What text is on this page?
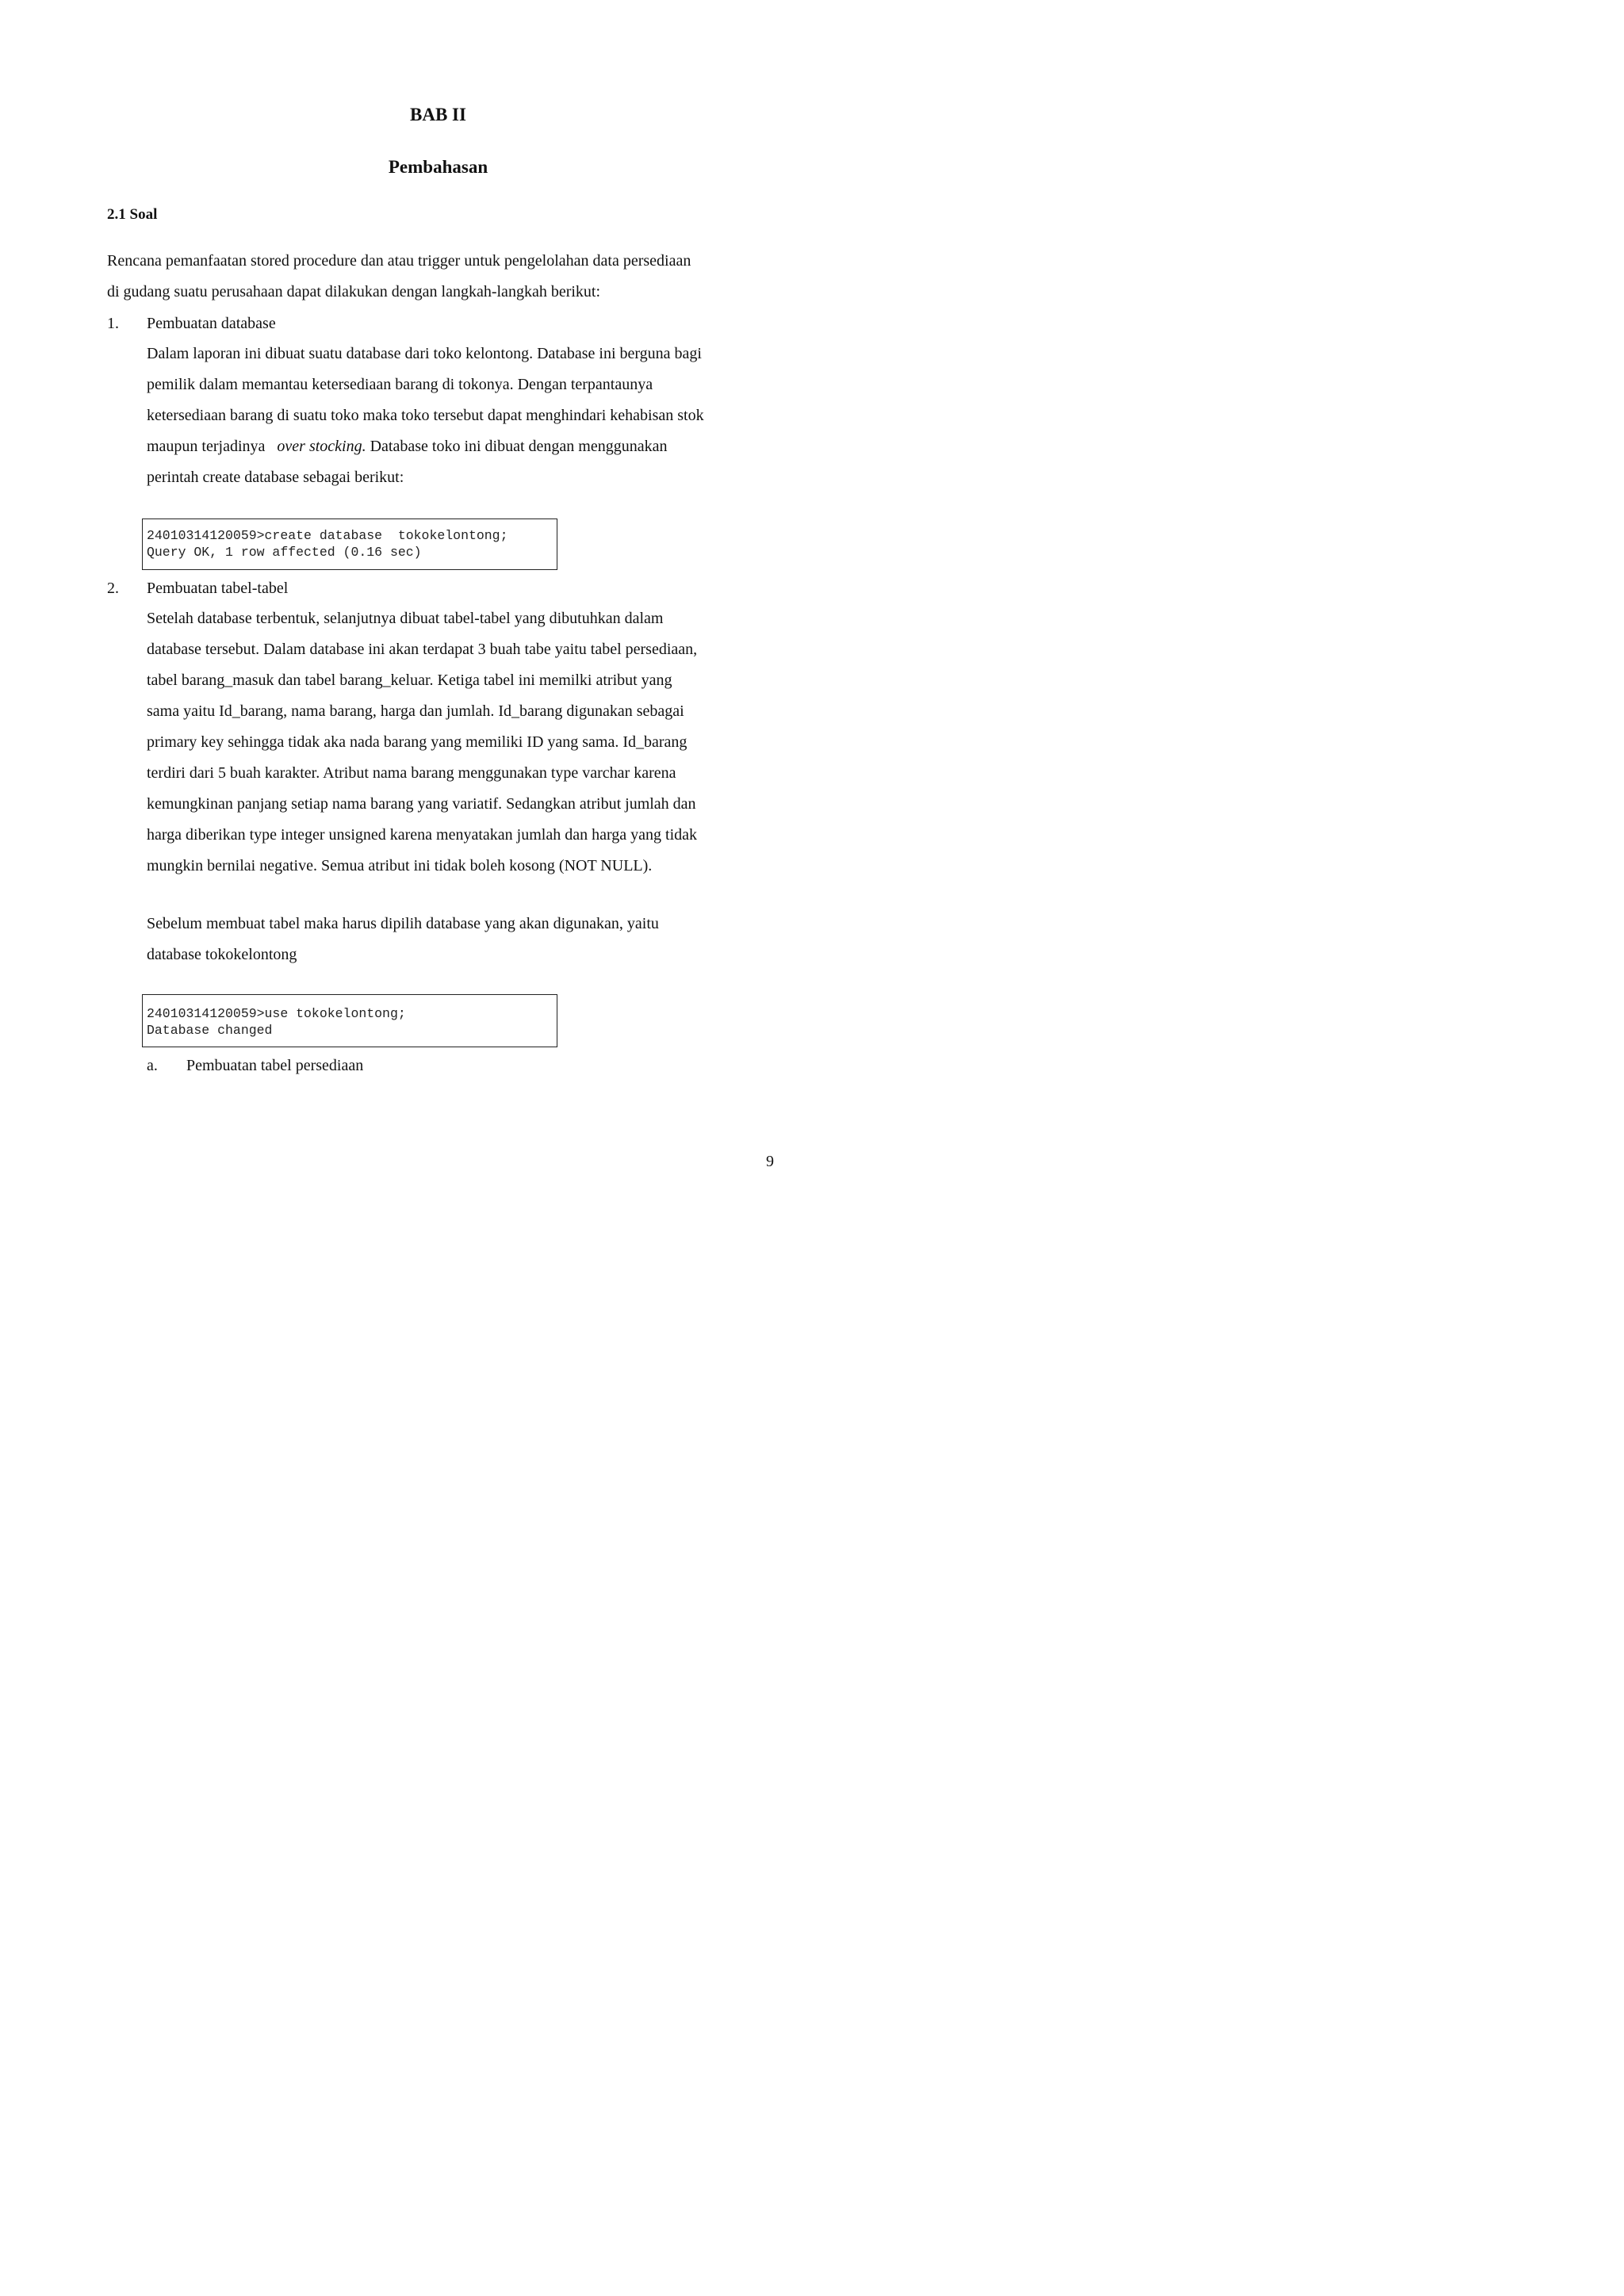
BAB II
Pembahasan
2.1 Soal
Rencana pemanfaatan stored procedure dan atau trigger untuk pengelolahan data persediaan
di gudang suatu perusahaan dapat dilakukan dengan langkah-langkah berikut:
1. Pembuatan database
Dalam laporan ini dibuat suatu database dari toko kelontong. Database ini berguna bagi
pemilik dalam memantau ketersediaan barang di tokonya. Dengan terpantaunya
ketersediaan barang di suatu toko maka toko tersebut dapat menghindari kehabisan stok
maupun terjadinya over stocking. Database toko ini dibuat dengan menggunakan
perintah create database sebagai berikut:
24010314120059>create database  tokokelontong;
Query OK, 1 row affected (0.16 sec)
2. Pembuatan tabel-tabel
Setelah database terbentuk, selanjutnya dibuat tabel-tabel yang dibutuhkan dalam
database tersebut. Dalam database ini akan terdapat 3 buah tabe yaitu tabel persediaan,
tabel barang_masuk dan tabel barang_keluar. Ketiga tabel ini memilki atribut yang
sama yaitu Id_barang, nama barang, harga dan jumlah. Id_barang digunakan sebagai
primary key sehingga tidak aka nada barang yang memiliki ID yang sama. Id_barang
terdiri dari 5 buah karakter. Atribut nama barang menggunakan type varchar karena
kemungkinan panjang setiap nama barang yang variatif. Sedangkan atribut jumlah dan
harga diberikan type integer unsigned karena menyatakan jumlah dan harga yang tidak
mungkin bernilai negative. Semua atribut ini tidak boleh kosong (NOT NULL).
Sebelum membuat tabel maka harus dipilih database yang akan digunakan, yaitu
database tokokelontong
24010314120059>use tokokelontong;
Database changed
a. Pembuatan tabel persediaan
9
